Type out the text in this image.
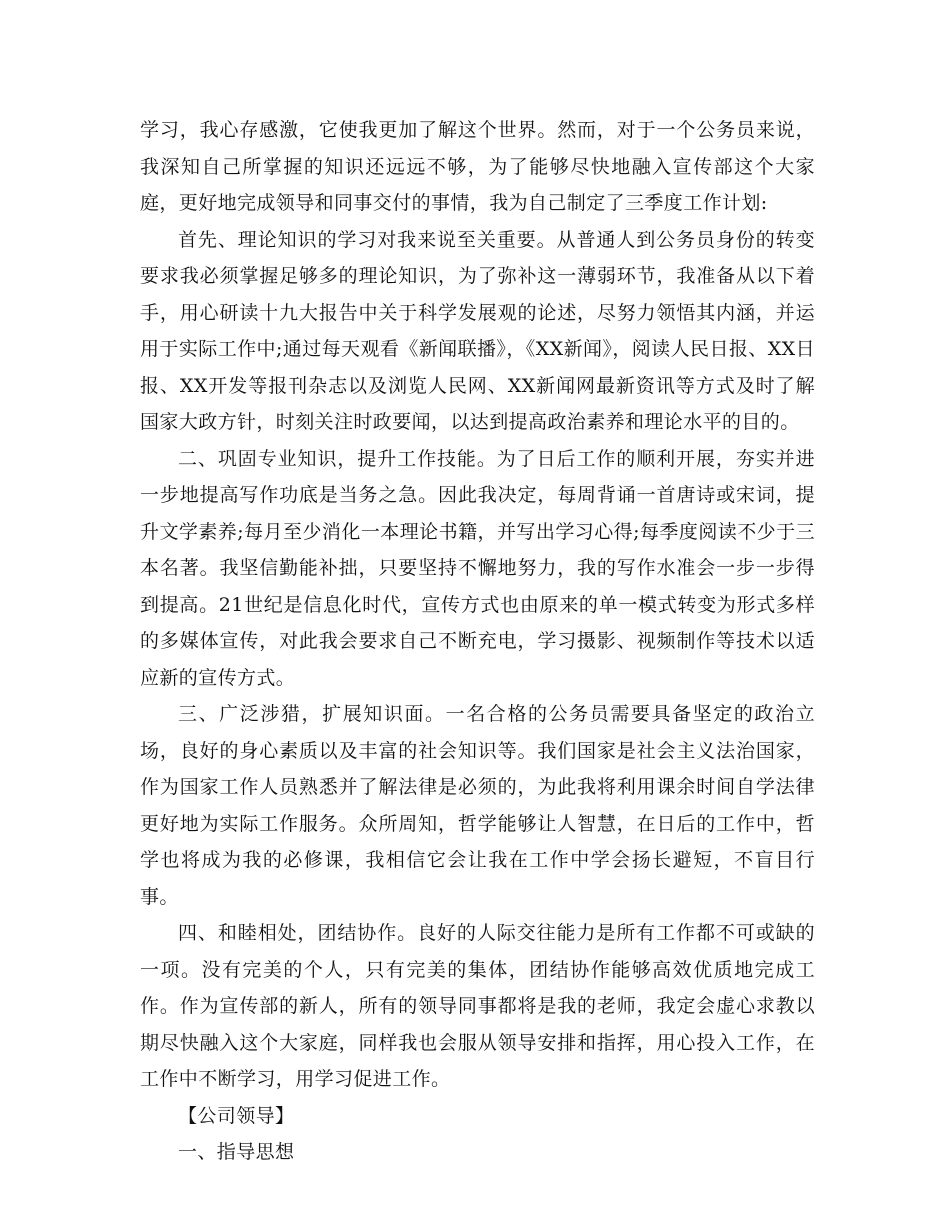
学习，我心存感激，它使我更加了解这个世界。然而，对于一个公务员来说，我深知自己所掌握的知识还远远不够，为了能够尽快地融入宣传部这个大家庭，更好地完成领导和同事交付的事情，我为自己制定了三季度工作计划:

首先、理论知识的学习对我来说至关重要。从普通人到公务员身份的转变要求我必须掌握足够多的理论知识，为了弥补这一薄弱环节，我准备从以下着手，用心研读十九大报告中关于科学发展观的论述，尽努力领悟其内涵，并运用于实际工作中;通过每天观看《新闻联播》，《XX新闻》，阅读人民日报、XX日报、XX开发等报刊杂志以及浏览人民网、XX新闻网最新资讯等方式及时了解国家大政方针，时刻关注时政要闻，以达到提高政治素养和理论水平的目的。

二、巩固专业知识，提升工作技能。为了日后工作的顺利开展，夯实并进一步地提高写作功底是当务之急。因此我决定，每周背诵一首唐诗或宋词，提升文学素养;每月至少消化一本理论书籍，并写出学习心得;每季度阅读不少于三本名著。我坚信勤能补拙，只要坚持不懈地努力，我的写作水准会一步一步得到提高。21世纪是信息化时代，宣传方式也由原来的单一模式转变为形式多样的多媒体宣传，对此我会要求自己不断充电，学习摄影、视频制作等技术以适应新的宣传方式。

三、广泛涉猎，扩展知识面。一名合格的公务员需要具备坚定的政治立场，良好的身心素质以及丰富的社会知识等。我们国家是社会主义法治国家，作为国家工作人员熟悉并了解法律是必须的，为此我将利用课余时间自学法律更好地为实际工作服务。众所周知，哲学能够让人智慧，在日后的工作中，哲学也将成为我的必修课，我相信它会让我在工作中学会扬长避短，不盲目行事。

四、和睦相处，团结协作。良好的人际交往能力是所有工作都不可或缺的一项。没有完美的个人，只有完美的集体，团结协作能够高效优质地完成工作。作为宣传部的新人，所有的领导同事都将是我的老师，我定会虚心求教以期尽快融入这个大家庭，同样我也会服从领导安排和指挥，用心投入工作，在工作中不断学习，用学习促进工作。

【公司领导】

一、指导思想
